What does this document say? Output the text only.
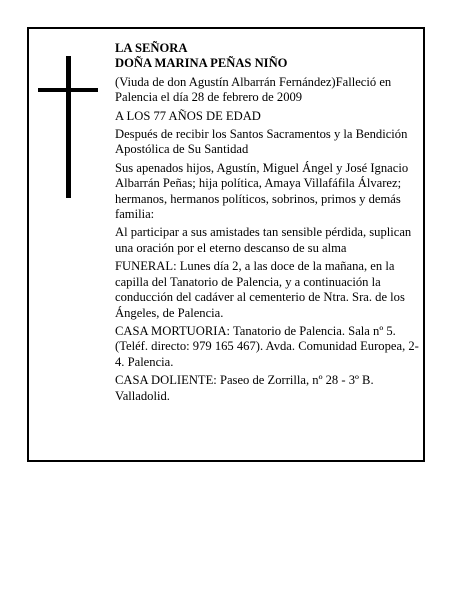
LA SEÑORA

DOÑA MARINA PEÑAS NIÑO

(Viuda de don Agustín Albarrán Fernández)Falleció en Palencia el día 28 de febrero de 2009

A LOS 77 AÑOS DE EDAD

Después de recibir los Santos Sacramentos y la Bendición Apostólica de Su Santidad

Sus apenados hijos, Agustín, Miguel Ángel y José Ignacio Albarrán Peñas; hija política, Amaya Villafáfila Álvarez; hermanos, hermanos políticos, sobrinos, primos y demás familia:

Al participar a sus amistades tan sensible pérdida, suplican una oración por el eterno descanso de su alma

FUNERAL: Lunes día 2, a las doce de la mañana, en la capilla del Tanatorio de Palencia, y a continuación la conducción del cadáver al cementerio de Ntra. Sra. de los Ángeles, de Palencia.

CASA MORTUORIA: Tanatorio de Palencia. Sala nº 5. (Teléf. directo: 979 165 467). Avda. Comunidad Europea, 2-4. Palencia.

CASA DOLIENTE: Paseo de Zorrilla, nº 28 - 3º B. Valladolid.
